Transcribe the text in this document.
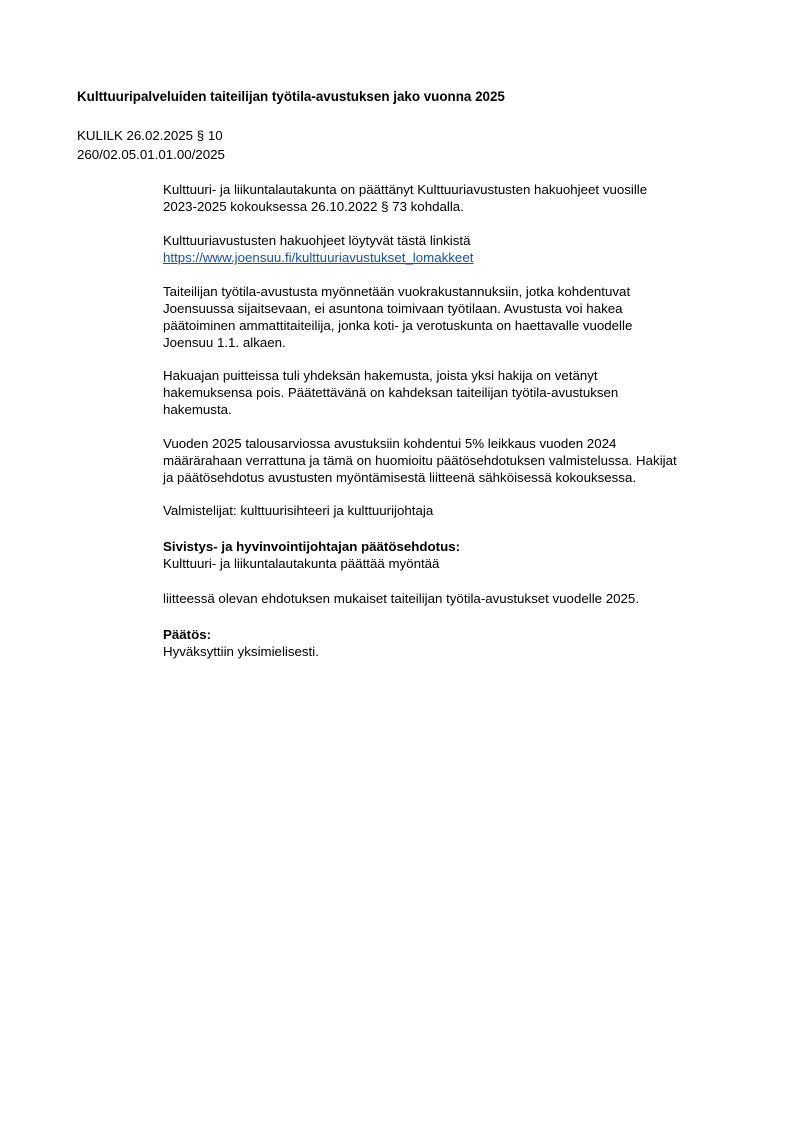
Kulttuuripalveluiden taiteilijan työtila-avustuksen jako vuonna 2025
KULILK 26.02.2025 § 10
260/02.05.01.01.00/2025
Kulttuuri- ja liikuntalautakunta on päättänyt Kulttuuriavustusten hakuohjeet vuosille
2023-2025 kokouksessa 26.10.2022 § 73 kohdalla.
Kulttuuriavustusten hakuohjeet löytyvät tästä linkistä
https://www.joensuu.fi/kulttuuriavustukset_lomakkeet
Taiteilijan työtila-avustusta myönnetään vuokrakustannuksiin, jotka kohdentuvat
Joensuussa sijaitsevaan, ei asuntona toimivaan työtilaan. Avustusta voi hakea
päätoiminen ammattitaiteilija, jonka koti- ja verotuskunta on haettavalle vuodelle
Joensuu 1.1. alkaen.
Hakuajan puitteissa tuli yhdeksän hakemusta, joista yksi hakija on vetänyt
hakemuksensa pois. Päätettävänä on kahdeksan taiteilijan työtila-avustuksen
hakemusta.
Vuoden 2025 talousarviossa avustuksiin kohdentui 5% leikkaus vuoden 2024
määrärahaan verrattuna ja tämä on huomioitu päätösehdotuksen valmistelussa. Hakijat
ja päätösehdotus avustusten myöntämisestä liitteenä sähköisessä kokouksessa.
Valmistelijat: kulttuurisihteeri ja kulttuurijohtaja
Sivistys- ja hyvinvointijohtajan päätösehdotus:
Kulttuuri- ja liikuntalautakunta päättää myöntää
liitteessä olevan ehdotuksen mukaiset taiteilijan työtila-avustukset vuodelle 2025.
Päätös:
Hyväksyttiin yksimielisesti.
